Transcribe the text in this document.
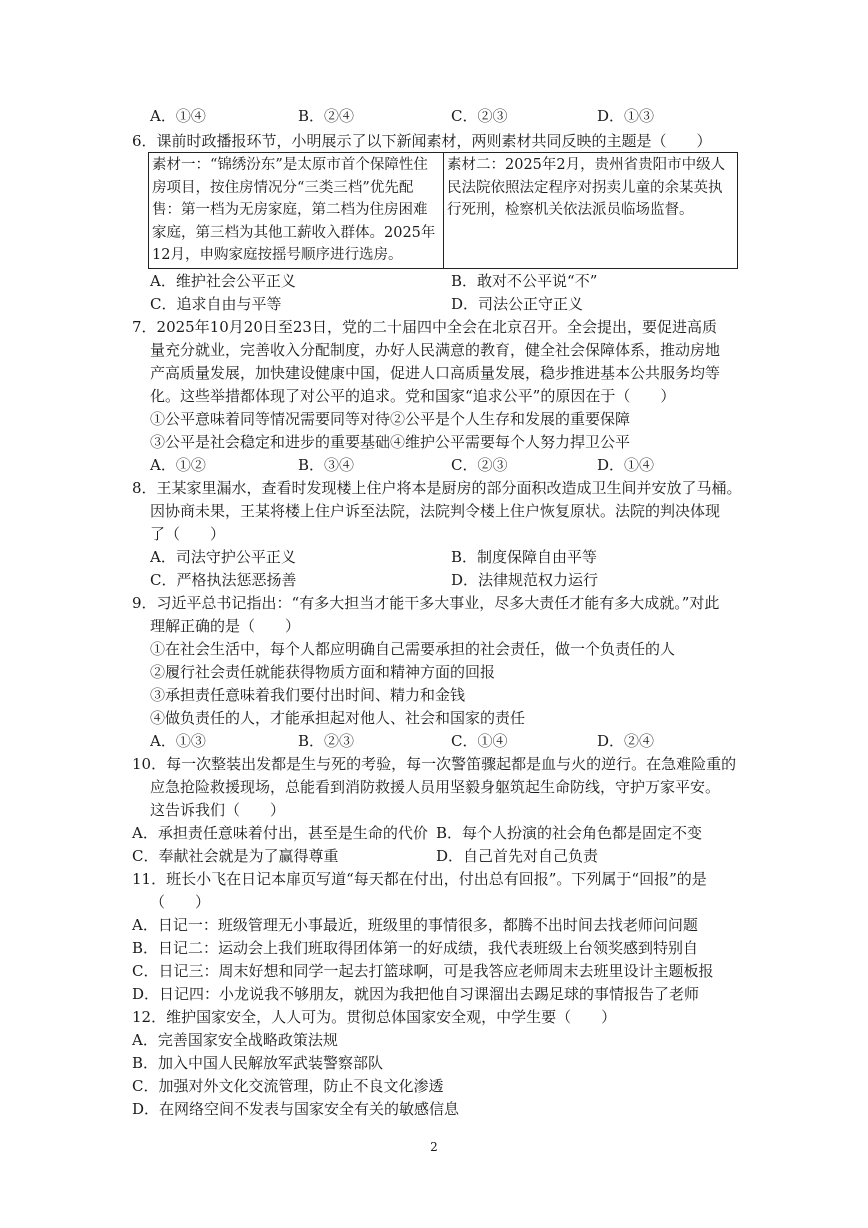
A．①④	B．②④	C．②③	D．①③
6．课前时政播报环节，小明展示了以下新闻素材，两则素材共同反映的主题是（　　）
素材一：“锦绣汾东”是太原市首个保障性住房项目，按住房情况分“三类三档”优先配售：第一档为无房家庭，第二档为住房困难家庭，第三档为其他工薪收入群体。2025年12月，申购家庭按摇号顺序进行选房。	素材二：2025年2月，贵州省贵阳市中级人民法院依照法定程序对拐卖儿童的余某英执行死刑，检察机关依法派员临场监督。
A．维护社会公平正义	B．敢对不公平说“不”
C．追求自由与平等	D．司法公正守正义
7．2025年10月20日至23日，党的二十届四中全会在北京召开。全会提出，要促进高质
量充分就业，完善收入分配制度，办好人民满意的教育，健全社会保障体系，推动房地
产高质量发展，加快建设健康中国，促进人口高质量发展，稳步推进基本公共服务均等
化。这些举措都体现了对公平的追求。党和国家“追求公平”的原因在于（　　）
①公平意味着同等情况需要同等对待②公平是个人生存和发展的重要保障
③公平是社会稳定和进步的重要基础④维护公平需要每个人努力捍卫公平
A．①②	B．③④	C．②③	D．①④
8．王某家里漏水，查看时发现楼上住户将本是厨房的部分面积改造成卫生间并安放了马桶。
因协商未果，王某将楼上住户诉至法院，法院判令楼上住户恢复原状。法院的判决体现
了（　　）
A．司法守护公平正义	B．制度保障自由平等
C．严格执法惩恶扬善	D．法律规范权力运行
9．习近平总书记指出：“有多大担当才能干多大事业，尽多大责任才能有多大成就。”对此
理解正确的是（　　）
①在社会生活中，每个人都应明确自己需要承担的社会责任，做一个负责任的人
②履行社会责任就能获得物质方面和精神方面的回报
③承担责任意味着我们要付出时间、精力和金钱
④做负责任的人，才能承担起对他人、社会和国家的责任
A．①③	B．②③	C．①④	D．②④
10．每一次整装出发都是生与死的考验，每一次警笛骤起都是血与火的逆行。在急难险重的
应急抢险救援现场，总能看到消防救援人员用坚毅身躯筑起生命防线，守护万家平安。
这告诉我们（　　）
A．承担责任意味着付出，甚至是生命的代价 B．每个人扮演的社会角色都是固定不变
C．奉献社会就是为了赢得尊重	D．自己首先对自己负责
11．班长小飞在日记本扉页写道“每天都在付出，付出总有回报”。下列属于“回报”的是
（　　）
A．日记一：班级管理无小事最近，班级里的事情很多，都腾不出时间去找老师问问题
B．日记二：运动会上我们班取得团体第一的好成绩，我代表班级上台领奖感到特别自
C．日记三：周末好想和同学一起去打篮球啊，可是我答应老师周末去班里设计主题板报
D．日记四：小龙说我不够朋友，就因为我把他自习课溜出去踢足球的事情报告了老师
12．维护国家安全，人人可为。贯彻总体国家安全观，中学生要（　　）
A．完善国家安全战略政策法规
B．加入中国人民解放军武装警察部队
C．加强对外文化交流管理，防止不良文化渗透
D．在网络空间不发表与国家安全有关的敏感信息
2
